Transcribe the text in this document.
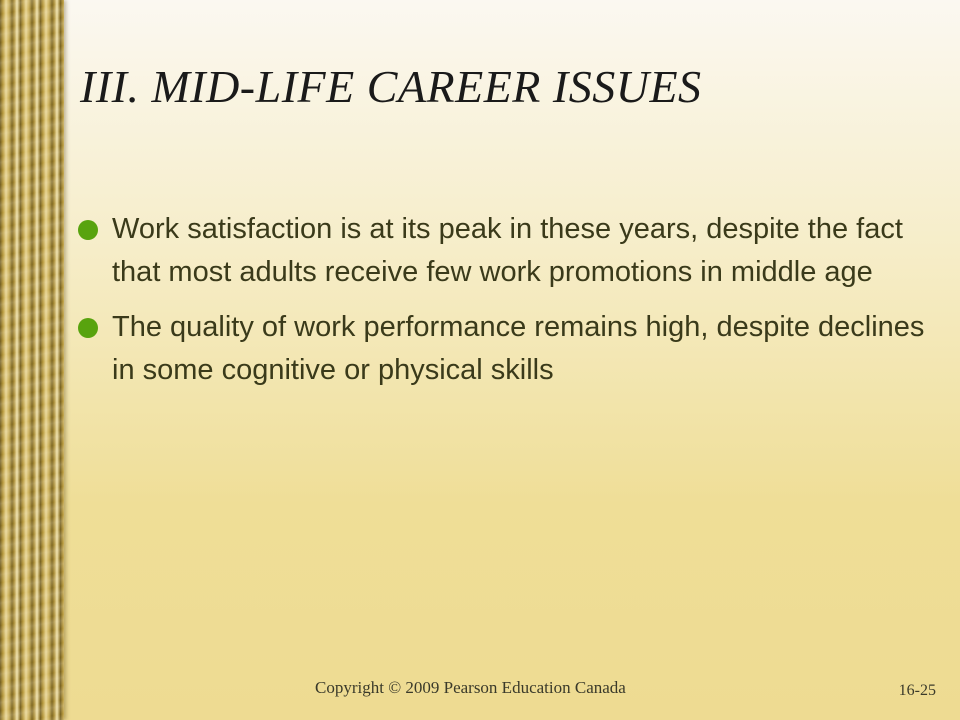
III. MID-LIFE CAREER ISSUES
Work satisfaction is at its peak in these years, despite the fact that most adults receive few work promotions in middle age
The quality of work performance remains high, despite declines in some cognitive or physical skills
Copyright © 2009 Pearson Education Canada	16-25
